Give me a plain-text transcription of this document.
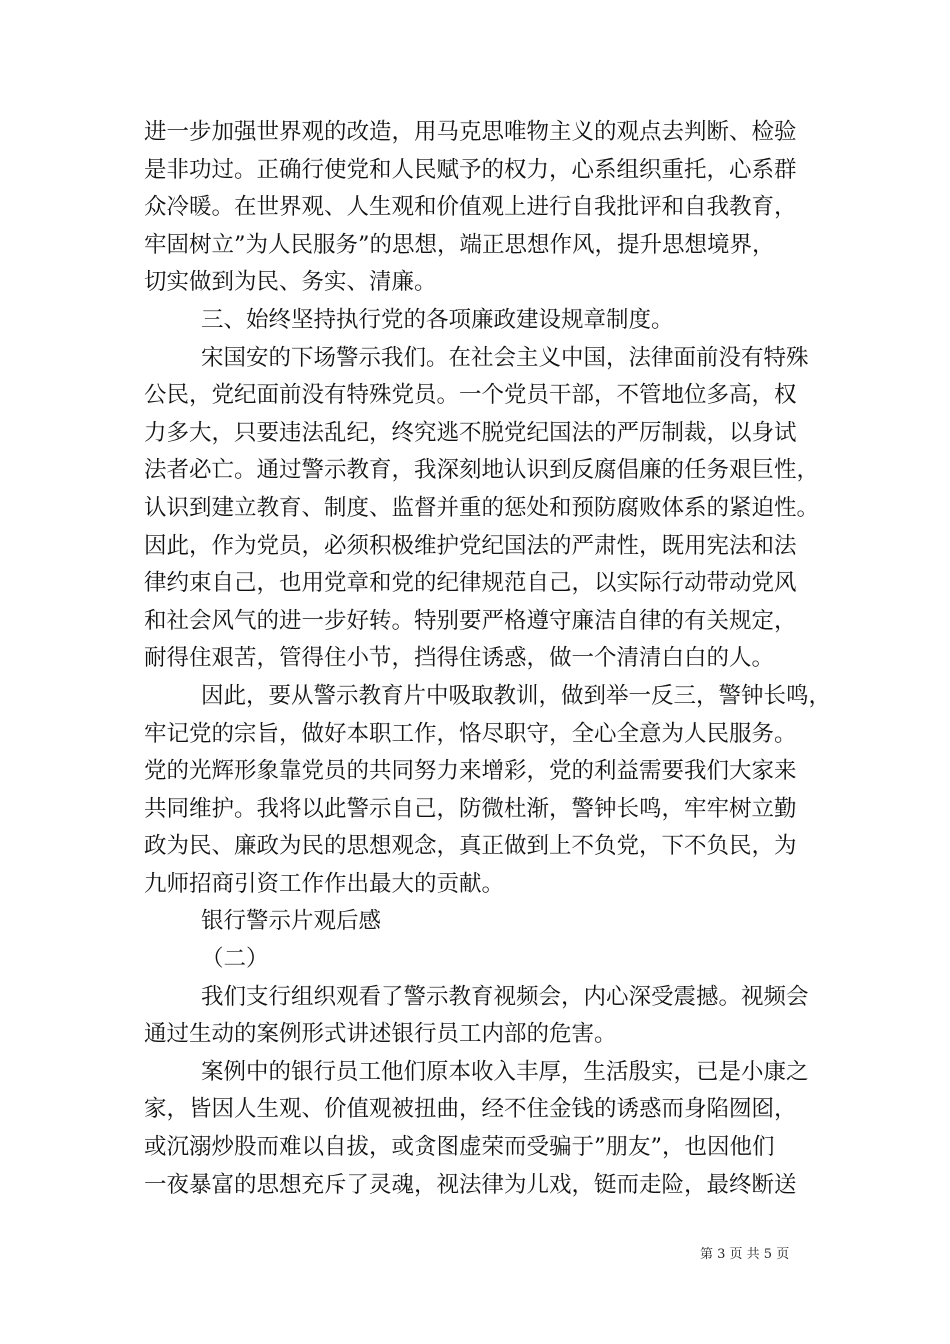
进一步加强世界观的改造，用马克思唯物主义的观点去判断、检验
是非功过。正确行使党和人民赋予的权力，心系组织重托，心系群
众冷暖。在世界观、人生观和价值观上进行自我批评和自我教育，
牢固树立”为人民服务”的思想，端正思想作风，提升思想境界，
切实做到为民、务实、清廉。
三、始终坚持执行党的各项廉政建设规章制度。
宋国安的下场警示我们。在社会主义中国，法律面前没有特殊
公民，党纪面前没有特殊党员。一个党员干部，不管地位多高，权
力多大，只要违法乱纪，终究逃不脱党纪国法的严厉制裁，以身试
法者必亡。通过警示教育，我深刻地认识到反腐倡廉的任务艰巨性，
认识到建立教育、制度、监督并重的惩处和预防腐败体系的紧迫性。
因此，作为党员，必须积极维护党纪国法的严肃性，既用宪法和法
律约束自己，也用党章和党的纪律规范自己，以实际行动带动党风
和社会风气的进一步好转。特别要严格遵守廉洁自律的有关规定，
耐得住艰苦，管得住小节，挡得住诱惑，做一个清清白白的人。
因此，要从警示教育片中吸取教训，做到举一反三，警钟长鸣，
牢记党的宗旨，做好本职工作，恪尽职守，全心全意为人民服务。
党的光辉形象靠党员的共同努力来增彩，党的利益需要我们大家来
共同维护。我将以此警示自己，防微杜渐，警钟长鸣，牢牢树立勤
政为民、廉政为民的思想观念，真正做到上不负党，下不负民，为
九师招商引资工作作出最大的贡献。
银行警示片观后感
（二）
我们支行组织观看了警示教育视频会，内心深受震撼。视频会
通过生动的案例形式讲述银行员工内部的危害。
案例中的银行员工他们原本收入丰厚，生活殷实，已是小康之
家，皆因人生观、价值观被扭曲，经不住金钱的诱惑而身陷囫囵，
或沉溺炒股而难以自拔，或贪图虚荣而受骗于”朋友”，也因他们
一夜暴富的思想充斥了灵魂，视法律为儿戏，铤而走险，最终断送
第 3 页 共 5 页
